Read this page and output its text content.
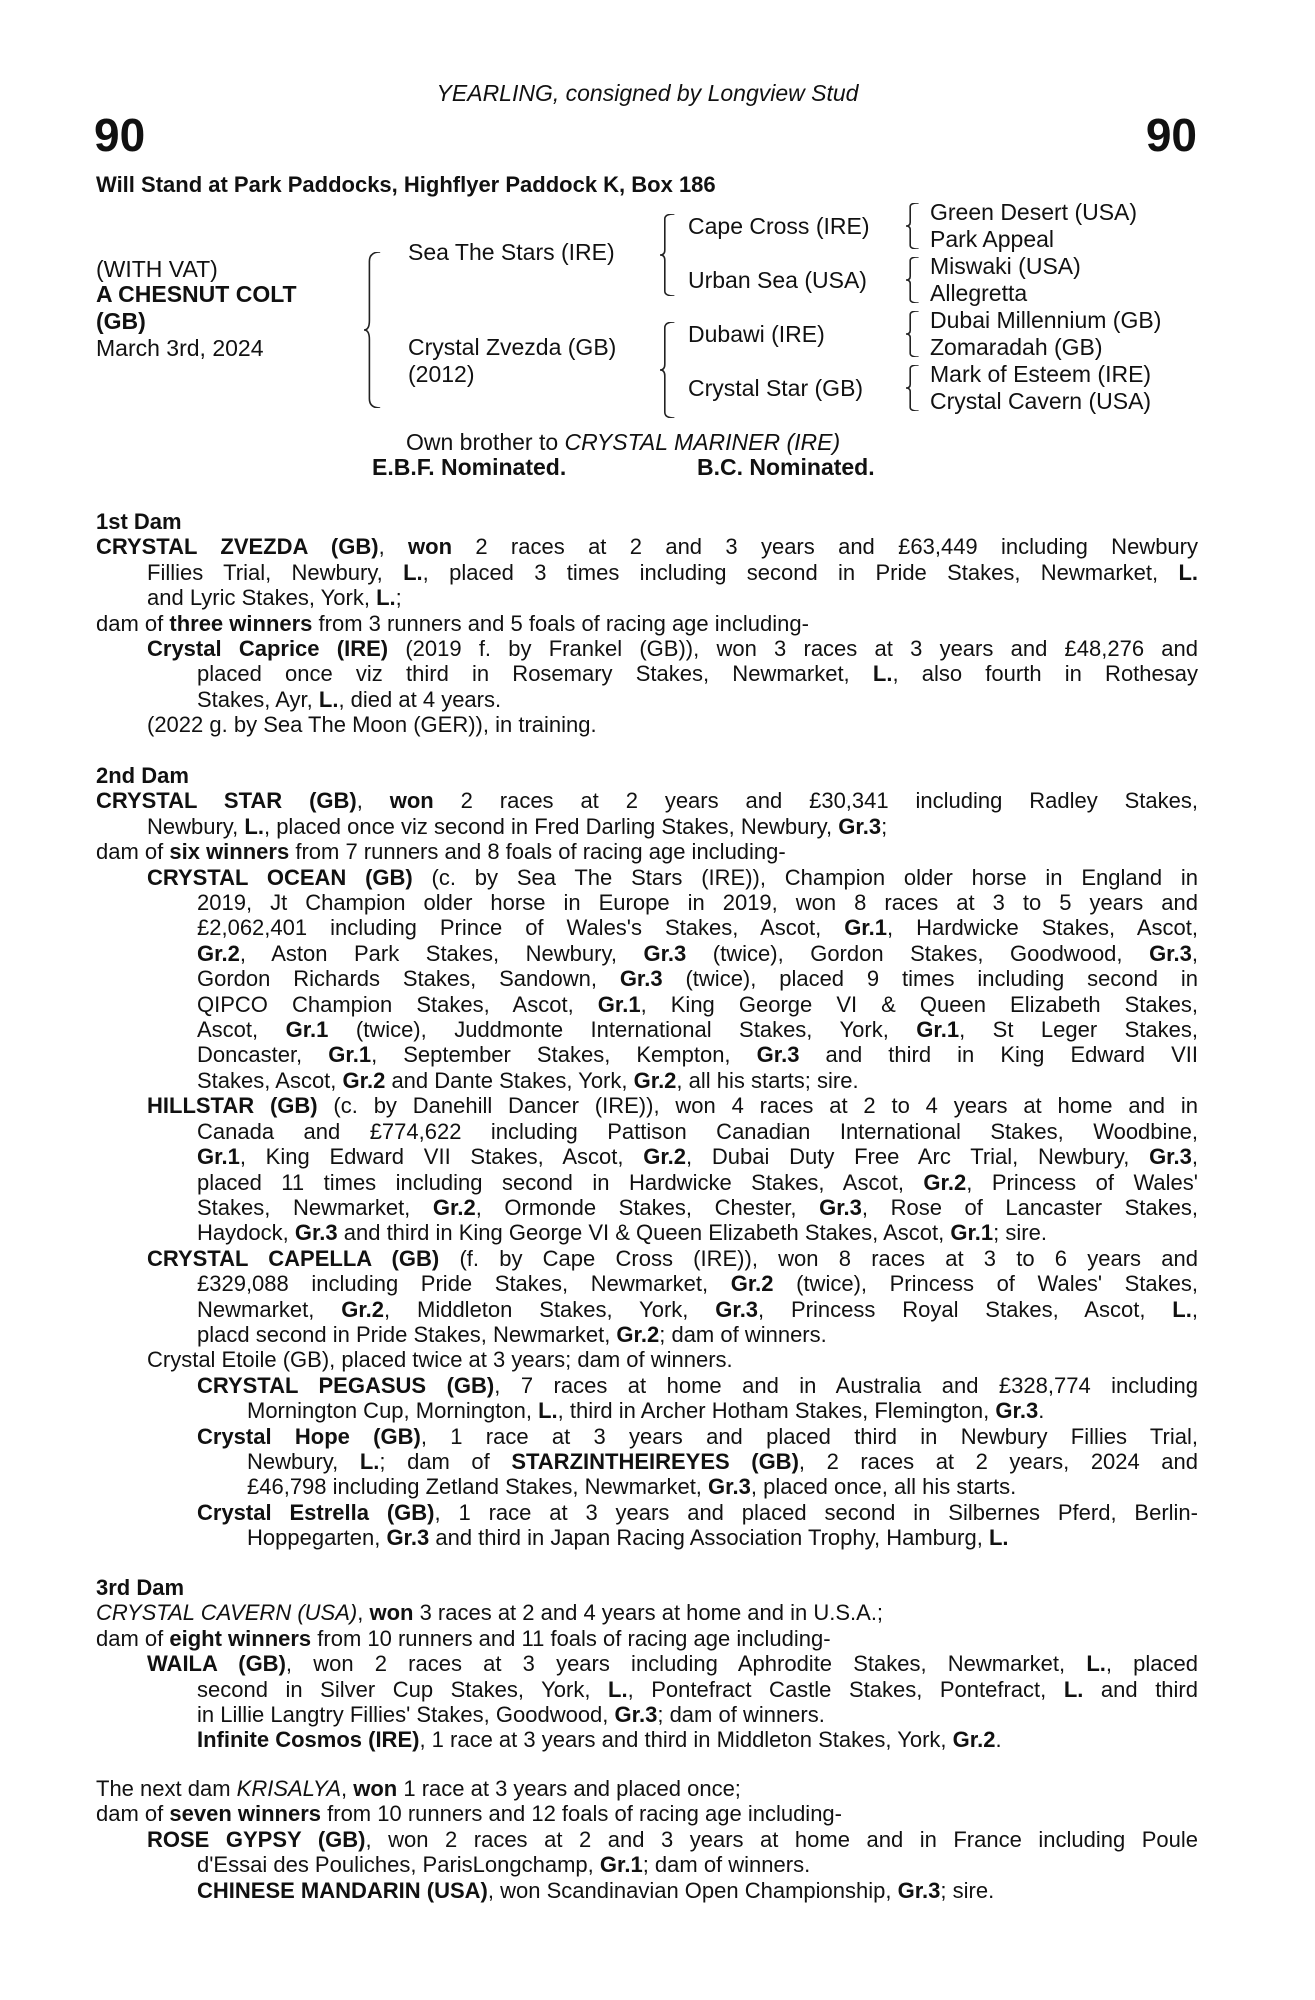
YEARLING, consigned by Longview Stud
90	90
Will Stand at Park Paddocks, Highflyer Paddock K, Box 186
(WITH VAT)
A CHESNUT COLT
(GB)
March 3rd, 2024
Sea The Stars (IRE)
Crystal Zvezda (GB)
(2012)
Cape Cross (IRE)
Urban Sea (USA)
Dubawi (IRE)
Crystal Star (GB)
Green Desert (USA)
Park Appeal
Miswaki (USA)
Allegretta
Dubai Millennium (GB)
Zomaradah (GB)
Mark of Esteem (IRE)
Crystal Cavern (USA)
Own brother to CRYSTAL MARINER (IRE)
E.B.F. Nominated.	B.C. Nominated.
1st Dam
CRYSTAL ZVEZDA (GB), won 2 races at 2 and 3 years and £63,449 including Newbury
Fillies Trial, Newbury, L., placed 3 times including second in Pride Stakes, Newmarket, L.
and Lyric Stakes, York, L.;
dam of three winners from 3 runners and 5 foals of racing age including-
Crystal Caprice (IRE) (2019 f. by Frankel (GB)), won 3 races at 3 years and £48,276 and
placed once viz third in Rosemary Stakes, Newmarket, L., also fourth in Rothesay
Stakes, Ayr, L., died at 4 years.
(2022 g. by Sea The Moon (GER)), in training.
2nd Dam
CRYSTAL STAR (GB), won 2 races at 2 years and £30,341 including Radley Stakes,
Newbury, L., placed once viz second in Fred Darling Stakes, Newbury, Gr.3;
dam of six winners from 7 runners and 8 foals of racing age including-
CRYSTAL OCEAN (GB) (c. by Sea The Stars (IRE)), Champion older horse in England in
2019, Jt Champion older horse in Europe in 2019, won 8 races at 3 to 5 years and
£2,062,401 including Prince of Wales's Stakes, Ascot, Gr.1, Hardwicke Stakes, Ascot,
Gr.2, Aston Park Stakes, Newbury, Gr.3 (twice), Gordon Stakes, Goodwood, Gr.3,
Gordon Richards Stakes, Sandown, Gr.3 (twice), placed 9 times including second in
QIPCO Champion Stakes, Ascot, Gr.1, King George VI & Queen Elizabeth Stakes,
Ascot, Gr.1 (twice), Juddmonte International Stakes, York, Gr.1, St Leger Stakes,
Doncaster, Gr.1, September Stakes, Kempton, Gr.3 and third in King Edward VII
Stakes, Ascot, Gr.2 and Dante Stakes, York, Gr.2, all his starts; sire.
HILLSTAR (GB) (c. by Danehill Dancer (IRE)), won 4 races at 2 to 4 years at home and in
Canada and £774,622 including Pattison Canadian International Stakes, Woodbine,
Gr.1, King Edward VII Stakes, Ascot, Gr.2, Dubai Duty Free Arc Trial, Newbury, Gr.3,
placed 11 times including second in Hardwicke Stakes, Ascot, Gr.2, Princess of Wales'
Stakes, Newmarket, Gr.2, Ormonde Stakes, Chester, Gr.3, Rose of Lancaster Stakes,
Haydock, Gr.3 and third in King George VI & Queen Elizabeth Stakes, Ascot, Gr.1; sire.
CRYSTAL CAPELLA (GB) (f. by Cape Cross (IRE)), won 8 races at 3 to 6 years and
£329,088 including Pride Stakes, Newmarket, Gr.2 (twice), Princess of Wales' Stakes,
Newmarket, Gr.2, Middleton Stakes, York, Gr.3, Princess Royal Stakes, Ascot, L.,
placd second in Pride Stakes, Newmarket, Gr.2; dam of winners.
Crystal Etoile (GB), placed twice at 3 years; dam of winners.
CRYSTAL PEGASUS (GB), 7 races at home and in Australia and £328,774 including
Mornington Cup, Mornington, L., third in Archer Hotham Stakes, Flemington, Gr.3.
Crystal Hope (GB), 1 race at 3 years and placed third in Newbury Fillies Trial,
Newbury, L.; dam of STARZINTHEIREYES (GB), 2 races at 2 years, 2024 and
£46,798 including Zetland Stakes, Newmarket, Gr.3, placed once, all his starts.
Crystal Estrella (GB), 1 race at 3 years and placed second in Silbernes Pferd, Berlin-
Hoppegarten, Gr.3 and third in Japan Racing Association Trophy, Hamburg, L.
3rd Dam
CRYSTAL CAVERN (USA), won 3 races at 2 and 4 years at home and in U.S.A.;
dam of eight winners from 10 runners and 11 foals of racing age including-
WAILA (GB), won 2 races at 3 years including Aphrodite Stakes, Newmarket, L., placed
second in Silver Cup Stakes, York, L., Pontefract Castle Stakes, Pontefract, L. and third
in Lillie Langtry Fillies' Stakes, Goodwood, Gr.3; dam of winners.
Infinite Cosmos (IRE), 1 race at 3 years and third in Middleton Stakes, York, Gr.2.
The next dam KRISALYA, won 1 race at 3 years and placed once;
dam of seven winners from 10 runners and 12 foals of racing age including-
ROSE GYPSY (GB), won 2 races at 2 and 3 years at home and in France including Poule
d'Essai des Pouliches, ParisLongchamp, Gr.1; dam of winners.
CHINESE MANDARIN (USA), won Scandinavian Open Championship, Gr.3; sire.
